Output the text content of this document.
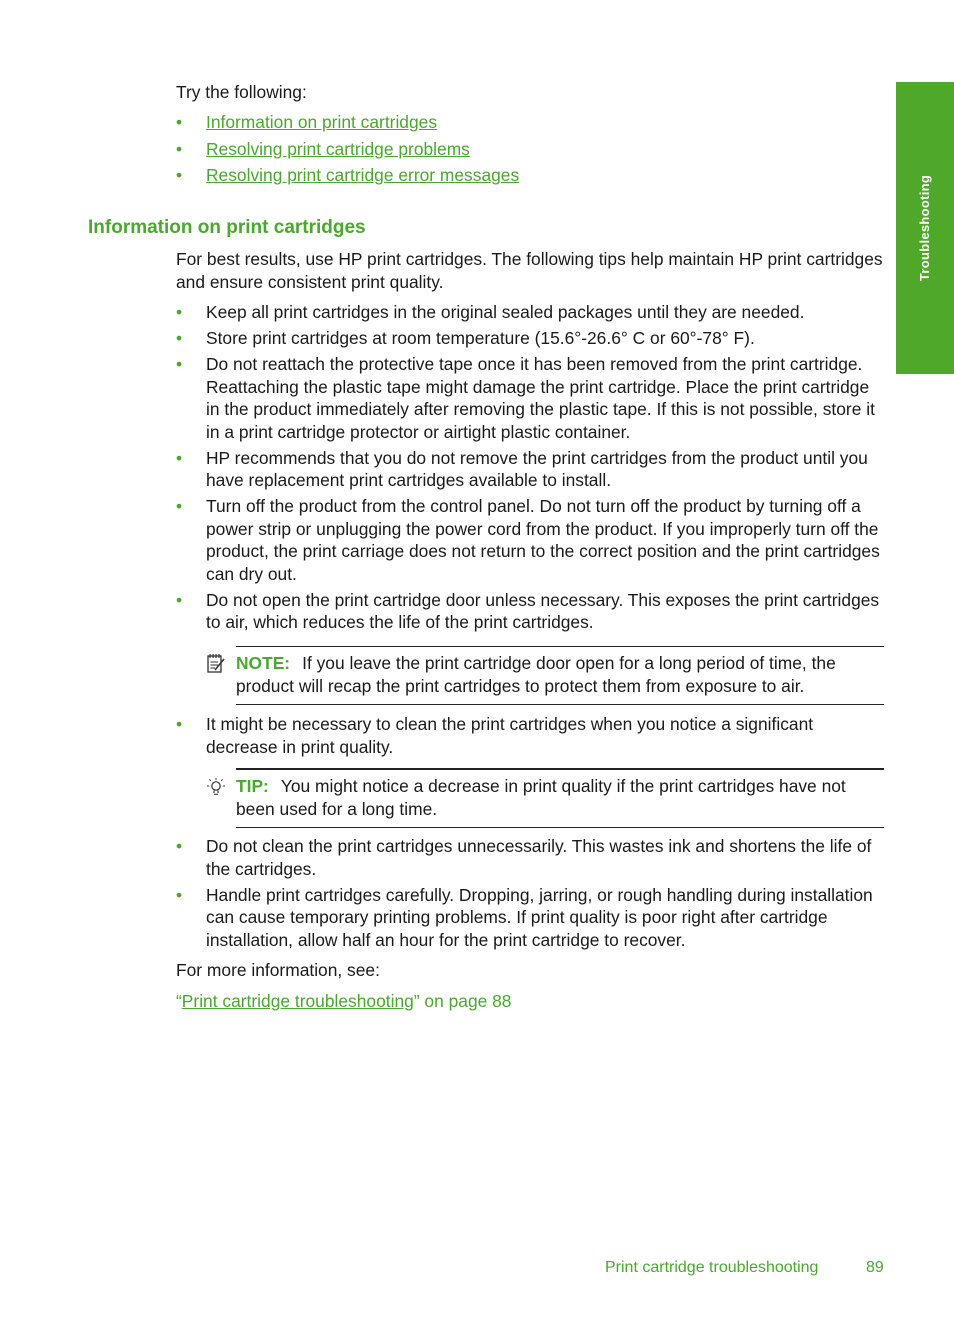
Troubleshooting

Try the following:

• Information on print cartridges
• Resolving print cartridge problems
• Resolving print cartridge error messages
Information on print cartridges

For best results, use HP print cartridges. The following tips help maintain HP print cartridges and ensure consistent print quality.

• Keep all print cartridges in the original sealed packages until they are needed.
• Store print cartridges at room temperature (15.6°-26.6° C or 60°-78° F).
• Do not reattach the protective tape once it has been removed from the print cartridge. Reattaching the plastic tape might damage the print cartridge. Place the print cartridge in the product immediately after removing the plastic tape. If this is not possible, store it in a print cartridge protector or airtight plastic container.
• HP recommends that you do not remove the print cartridges from the product until you have replacement print cartridges available to install.
• Turn off the product from the control panel. Do not turn off the product by turning off a power strip or unplugging the power cord from the product. If you improperly turn off the product, the print carriage does not return to the correct position and the print cartridges can dry out.
• Do not open the print cartridge door unless necessary. This exposes the print cartridges to air, which reduces the life of the print cartridges.
NOTE: If you leave the print cartridge door open for a long period of time, the product will recap the print cartridges to protect them from exposure to air.
• It might be necessary to clean the print cartridges when you notice a significant decrease in print quality.
TIP: You might notice a decrease in print quality if the print cartridges have not been used for a long time.
• Do not clean the print cartridges unnecessarily. This wastes ink and shortens the life of the cartridges.
• Handle print cartridges carefully. Dropping, jarring, or rough handling during installation can cause temporary printing problems. If print quality is poor right after cartridge installation, allow half an hour for the print cartridge to recover.

For more information, see:

“Print cartridge troubleshooting” on page 88

Print cartridge troubleshooting	89
